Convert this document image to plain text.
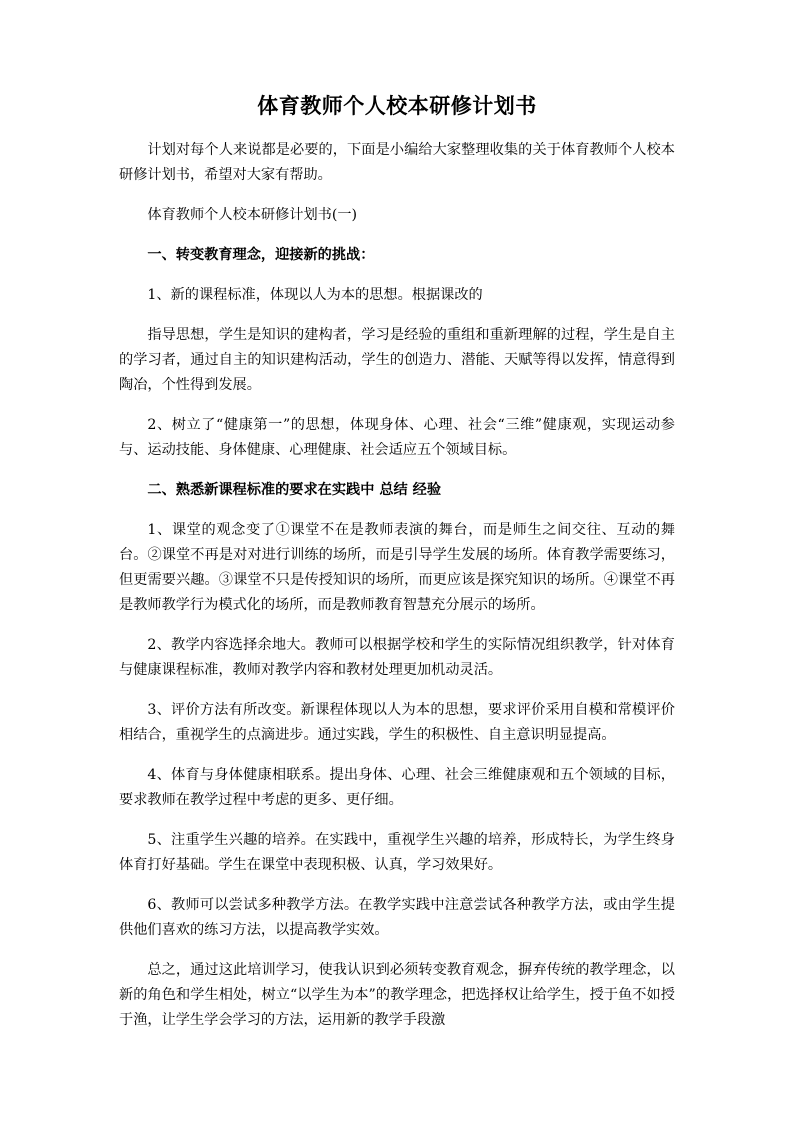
体育教师个人校本研修计划书

计划对每个人来说都是必要的，下面是小编给大家整理收集的关于体育教师个人校本研修计划书，希望对大家有帮助。

体育教师个人校本研修计划书(一)

一、转变教育理念，迎接新的挑战：

1、新的课程标准，体现以人为本的思想。根据课改的

指导思想，学生是知识的建构者，学习是经验的重组和重新理解的过程，学生是自主的学习者，通过自主的知识建构活动，学生的创造力、潜能、天赋等得以发挥，情意得到陶冶，个性得到发展。

2、树立了“健康第一”的思想，体现身体、心理、社会“三维”健康观，实现运动参与、运动技能、身体健康、心理健康、社会适应五个领域目标。

二、熟悉新课程标准的要求在实践中 总结 经验

1、课堂的观念变了①课堂不在是教师表演的舞台，而是师生之间交往、互动的舞台。②课堂不再是对对进行训练的场所，而是引导学生发展的场所。体育教学需要练习，但更需要兴趣。③课堂不只是传授知识的场所，而更应该是探究知识的场所。④课堂不再是教师教学行为模式化的场所，而是教师教育智慧充分展示的场所。

2、教学内容选择余地大。教师可以根据学校和学生的实际情况组织教学，针对体育与健康课程标准，教师对教学内容和教材处理更加机动灵活。

3、评价方法有所改变。新课程体现以人为本的思想，要求评价采用自模和常模评价相结合，重视学生的点滴进步。通过实践，学生的积极性、自主意识明显提高。

4、体育与身体健康相联系。提出身体、心理、社会三维健康观和五个领域的目标，要求教师在教学过程中考虑的更多、更仔细。

5、注重学生兴趣的培养。在实践中，重视学生兴趣的培养，形成特长，为学生终身体育打好基础。学生在课堂中表现积极、认真，学习效果好。

6、教师可以尝试多种教学方法。在教学实践中注意尝试各种教学方法，或由学生提供他们喜欢的练习方法，以提高教学实效。

总之，通过这此培训学习，使我认识到必须转变教育观念，摒弃传统的教学理念，以新的角色和学生相处，树立“以学生为本”的教学理念，把选择权让给学生，授于鱼不如授于渔，让学生学会学习的方法，运用新的教学手段激
